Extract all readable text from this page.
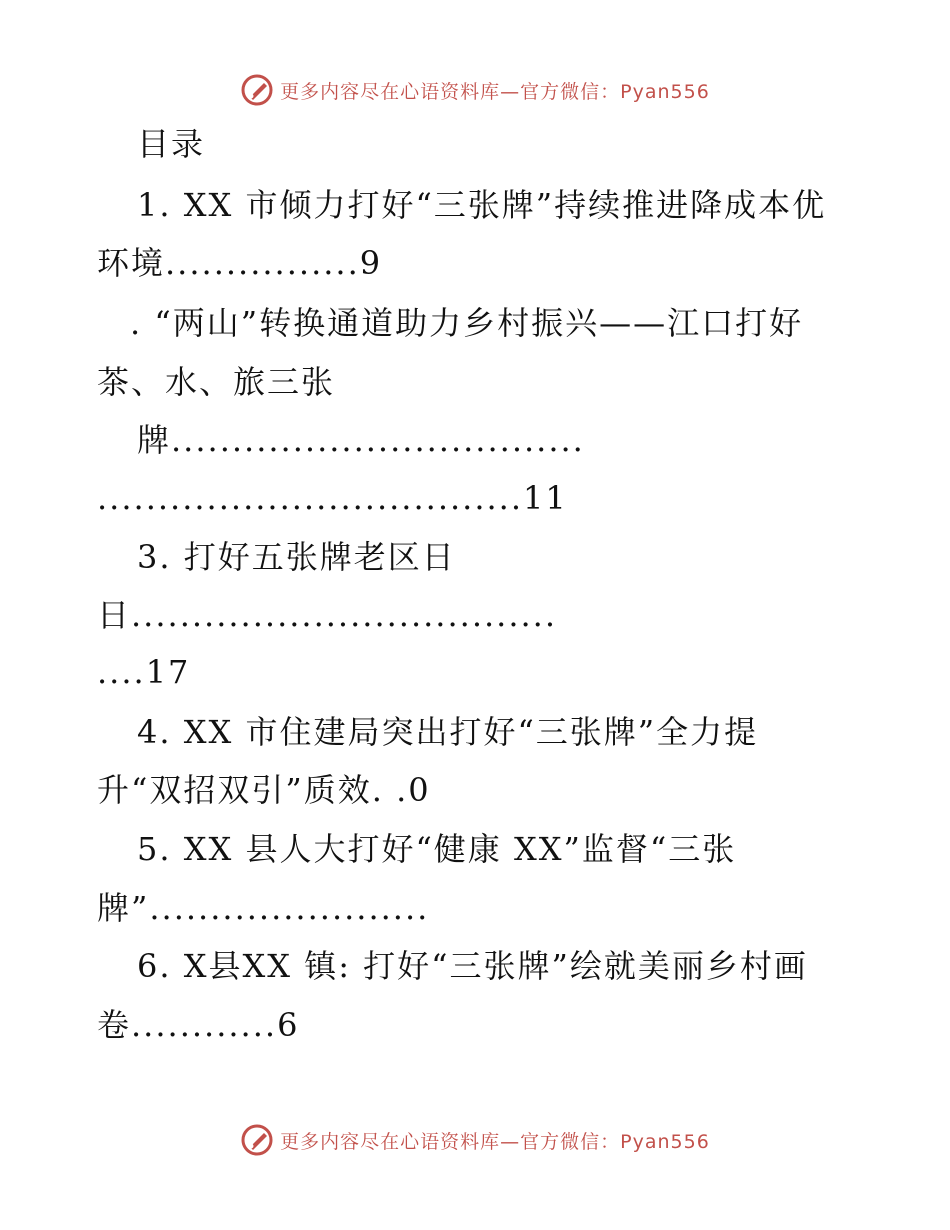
更多内容尽在心语资料库—官方微信：Pyan556
目录
1. XX 市倾力打好“三张牌”持续推进降成本优
环境................9
. “两山”转换通道助力乡村振兴——江口打好
茶、水、旅三张
牌..................................
...................................11
3. 打好五张牌老区日
日...................................
....17
4. XX 市住建局突出打好“三张牌”全力提
升“双招双引”质效. .0
5. XX 县人大打好“健康 XX”监督“三张
牌”.......................
6. X县XX 镇: 打好“三张牌”绘就美丽乡村画
卷............6
更多内容尽在心语资料库—官方微信：Pyan556
